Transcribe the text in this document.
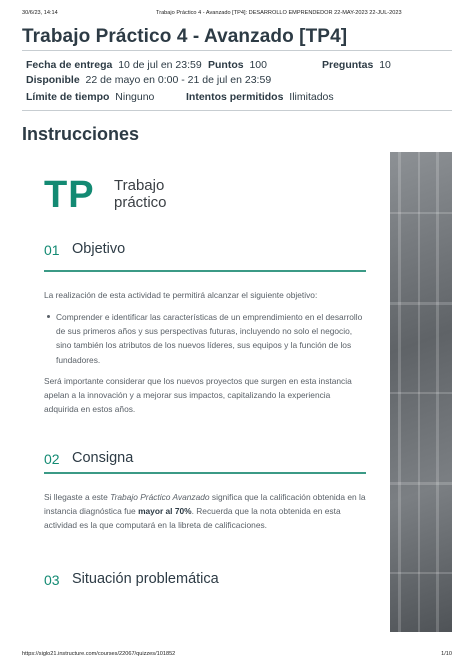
30/6/23, 14:14	Trabajo Práctico 4 - Avanzado [TP4]: DESARROLLO EMPRENDEDOR 22-MAY-2023 22-JUL-2023
Trabajo Práctico 4 - Avanzado [TP4]
Fecha de entrega 10 de jul en 23:59 Puntos 100	Preguntas 10
Disponible 22 de mayo en 0:00 - 21 de jul en 23:59
Límite de tiempo Ninguno	Intentos permitidos Ilimitados
Instrucciones
TP Trabajo
práctico
01 Objetivo

La realización de esta actividad te permitirá alcanzar el siguiente objetivo:

Comprender e identificar las características de un emprendimiento en el desarrollo de sus primeros años y sus perspectivas futuras, incluyendo no solo el negocio, sino también los atributos de los nuevos líderes, sus equipos y la función de los fundadores.

Será importante considerar que los nuevos proyectos que surgen en esta instancia apelan a la innovación y a mejorar sus impactos, capitalizando la experiencia adquirida en estos años.

02 Consigna

Si llegaste a este Trabajo Práctico Avanzado significa que la calificación obtenida en la instancia diagnóstica fue mayor al 70%. Recuerda que la nota obtenida en esta actividad es la que computará en la libreta de calificaciones.

03 Situación problemática
https://siglo21.instructure.com/courses/22067/quizzes/101852	1/10
